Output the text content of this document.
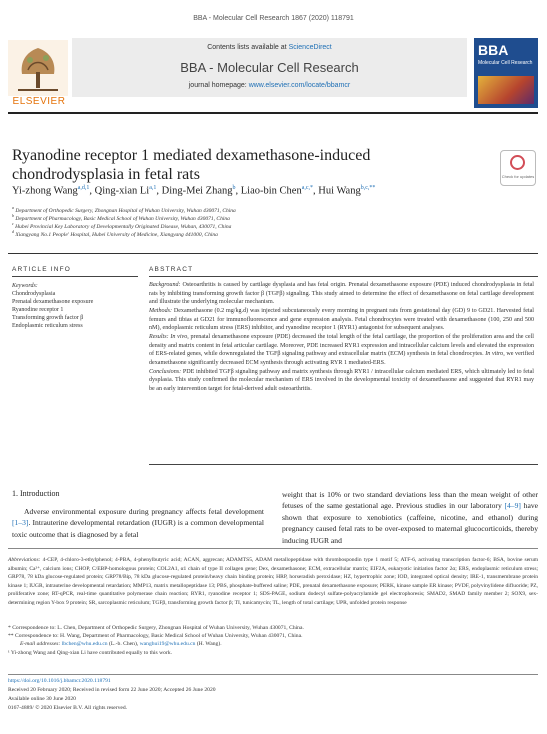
BBA - Molecular Cell Research 1867 (2020) 118791
ELSEVIER
Contents lists available at ScienceDirect
BBA - Molecular Cell Research
journal homepage: www.elsevier.com/locate/bbamcr
BBA
Molecular Cell Research
Ryanodine receptor 1 mediated dexamethasone-induced chondrodysplasia in fetal rats	Check for updates
Yi-zhong Wang$^{a,d,1}$, Qing-xian Li$^{a,1}$, Ding-Mei Zhang$^b$, Liao-bin Chen$^{a,c,*}$, Hui Wang$^{b,c,**}$
$^a$ Department of Orthopedic Surgery, Zhongnan Hospital of Wuhan University, Wuhan 430071, China
$^b$ Department of Pharmacology, Basic Medical School of Wuhan University, Wuhan 430071, China
$^c$ Hubei Provincial Key Laboratory of Developmentally Originated Disease, Wuhan, 430071, China
$^d$ Xiangyang No.1 People' Hospital, Hubei University of Medicine, Xiangyang 441000, China
ARTICLE INFO
Keywords:
Chondrodysplasia
Prenatal dexamethasone exposure
Ryanodine receptor 1
Transforming growth factor β
Endoplasmic reticulum stress
ABSTRACT

Background: Osteoarthritis is caused by cartilage dysplasia and has fetal origin. Prenatal dexamethasone exposure (PDE) induced chondrodysplasia in fetal rats by inhibiting transforming growth factor β (TGFβ) signaling. This study aimed to determine the effect of dexamethasone on fetal cartilage development and illustrate the underlying molecular mechanism.

Methods: Dexamethasone (0.2 mg/kg.d) was injected subcutaneously every morning in pregnant rats from gestational day (GD) 9 to GD21. Harvested fetal femurs and tibias at GD21 for immunofluorescence and gene expression analysis. Fetal chondrocytes were treated with dexamethasone (100, 250 and 500 nM), endoplasmic reticulum stress (ERS) inhibitor, and ryanodine receptor 1 (RYR1) antagonist for subsequent analyses.

Results: In vivo, prenatal dexamethasone exposure (PDE) decreased the total length of the fetal cartilage, the proportion of the proliferation area and the cell density and matrix content in fetal articular cartilage. Moreover, PDE increased RYR1 expression and intracellular calcium levels and elevated the expression of ERS-related genes, while downregulated the TGFβ signaling pathway and extracellular matrix (ECM) synthesis in fetal chondrocytes. In vitro, we verified dexamethasone significantly decreased ECM synthesis through activating RYR 1 mediated-ERS.

Conclusions: PDE inhibited TGFβ signaling pathway and matrix synthesis through RYR1 / intracellular calcium mediated ERS, which ultimately led to fetal dysplasia. This study confirmed the molecular mechanism of ERS involved in the developmental toxicity of dexamethasone and suggested that RYR1 may be an early intervention target for fetal-derived adult osteoarthritis.

1. Introduction
Adverse environmental exposure during pregnancy affects fetal development [1–3]. Intrauterine developmental retardation (IUGR) is a common developmental toxic outcome that is diagnosed by a fetal
weight that is 10% or two standard deviations less than the mean weight of other fetuses of the same gestational age. Previous studies in our laboratory [4–9] have shown that exposure to xenobiotics (caffeine, nicotine, and ethanol) during pregnancy caused fetal rats to be over-exposed to maternal glucocorticoids, thereby inducing IUGR and
Abbreviations: 4-CEP, 4-chloro-3-ethylphenol; 4-PBA, 4-phenylbutyric acid; ACAN, aggrecan; ADAMTS5, ADAM metallopeptidase with thrombospondin type 1 motif 5; ATF-6, activating transcription factor-6; BSA, bovine serum albumin; Ca²⁺, calcium ions; CHOP, C/EBP-homologous protein; COL2A1, α1 chain of type II collagen gene; Dex, dexamethasone; ECM, extracellular matrix; EIF2A, eukaryotic initiation factor 2α; ERS, endoplasmic reticulum stress; GRP78, 78 kDa glucose-regulated protein; GRP78/Bip, 78 kDa glucose-regulated protein/heavy chain binding protein; HRP, horseradish peroxidase; HZ, hypertrophic zone; IOD, integrated optical density; IRE-1, transmembrane protein kinase 1; IUGR, intrauterine developmental retardation; MMP13, matrix metallopeptidase 13; PBS, phosphate-buffered saline; PDE, prenatal dexamethasone exposure; PERK, kinase sample ER kinase; PVDF, polyvinylidene difluoride; PZ, proliferative zone; RT-qPCR, real-time quantitative polymerase chain reaction; RYR1, ryanodine receptor 1; SDS-PAGE, sodium dodecyl sulfate-polyacrylamide gel electrophoresis; SMAD2, SMAD family member 2; SOX9, sex-determining region Y-box 9 protein; SR, sarcoplasmic reticulum; TGFβ, transforming growth factor β; TI, tunicamycin; TL, length of total cartilage; UPR, unfolded protein response
* Correspondence to: L. Chen, Department of Orthopedic Surgery, Zhongnan Hospital of Wuhan University, Wuhan 430071, China.
** Correspondence to: H. Wang, Department of Pharmacology, Basic Medical School of Wuhan University, Wuhan 430071, China.
E-mail addresses: lbchen@whu.edu.cn (L.-b. Chen), wanghui19@whu.edu.cn (H. Wang).
¹ Yi-zhong Wang and Qing-xian Li have contributed equally to this work.
https://doi.org/10.1016/j.bbamcr.2020.118791
Received 20 February 2020; Received in revised form 22 June 2020; Accepted 26 June 2020
Available online 30 June 2020
0167-4889/ © 2020 Elsevier B.V. All rights reserved.
